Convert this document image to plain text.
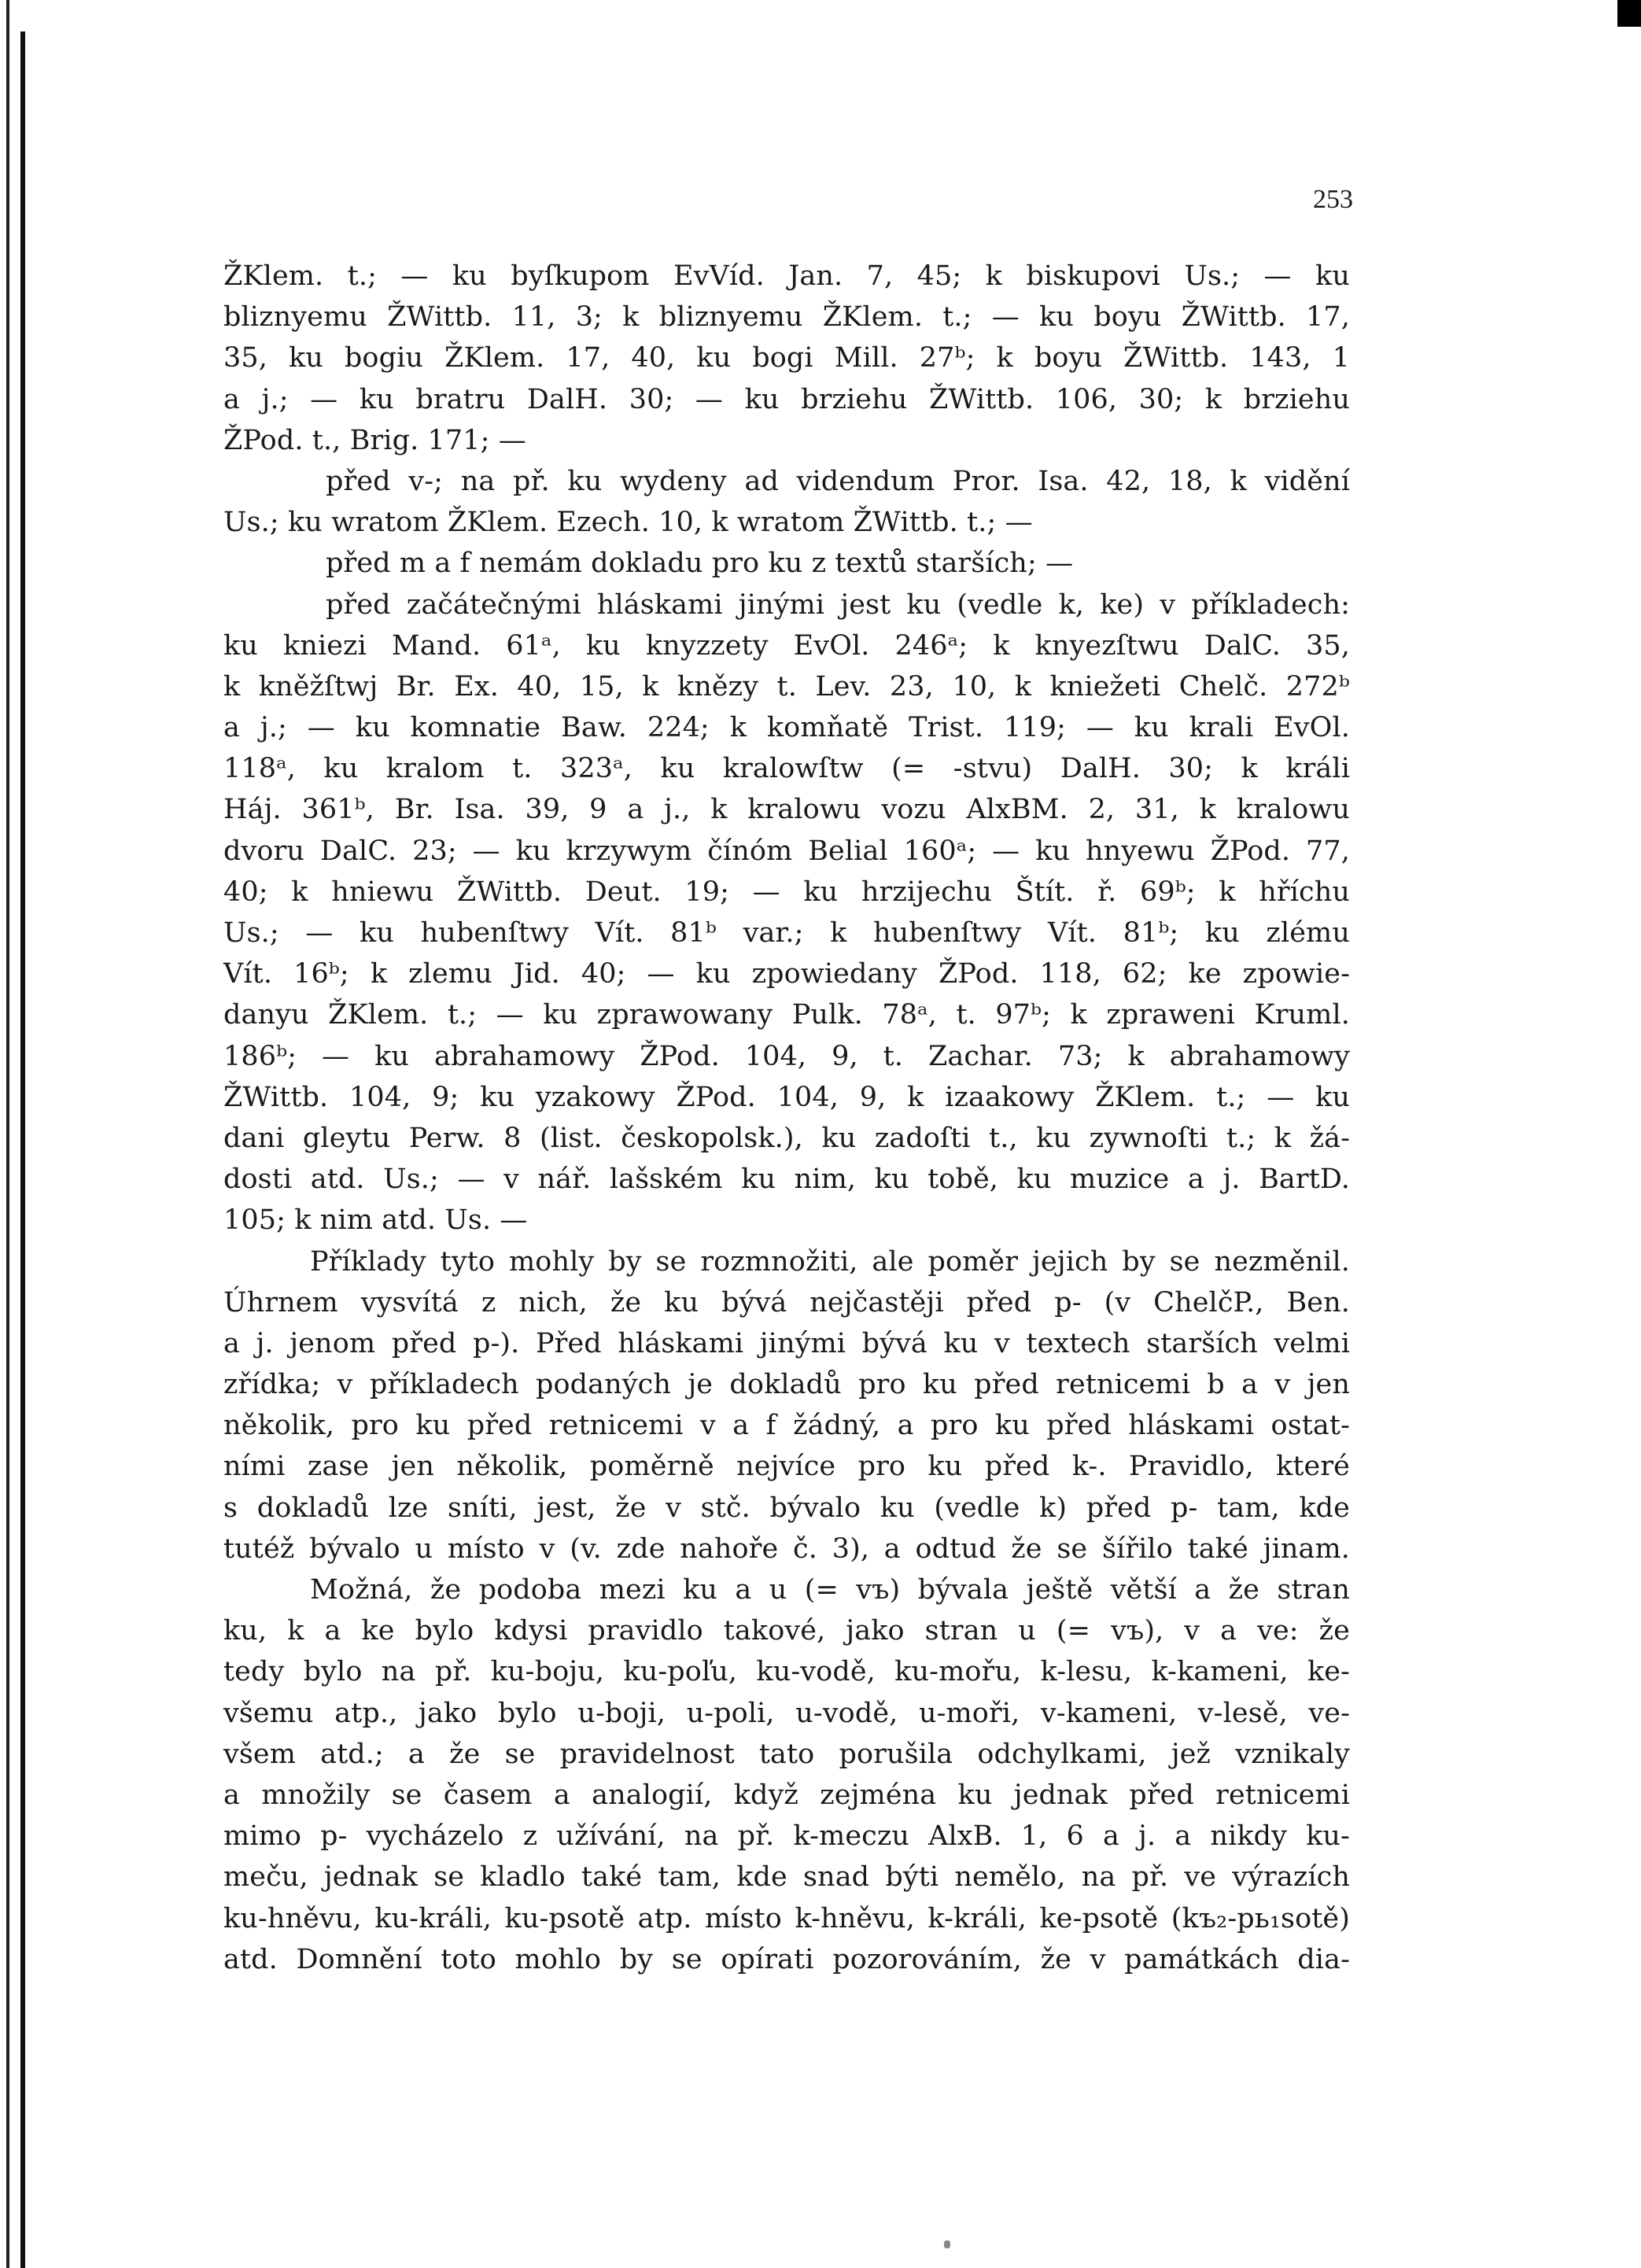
253
ŽKlem. t.; — ku byſkupom EvVíd. Jan. 7, 45; k biskupovi Us.; — ku
bliznyemu ŽWittb. 11, 3; k bliznyemu ŽKlem. t.; — ku boyu ŽWittb. 17,
35, ku bogiu ŽKlem. 17, 40, ku bogi Mill. 27ᵇ; k boyu ŽWittb. 143, 1
a j.; — ku bratru DalH. 30; — ku brziehu ŽWittb. 106, 30; k brziehu
ŽPod. t., Brig. 171; —
před v-; na př. ku wydeny ad videndum Pror. Isa. 42, 18, k vidění
Us.; ku wratom ŽKlem. Ezech. 10, k wratom ŽWittb. t.; —
před m a f nemám dokladu pro ku z textů starších; —
před začátečnými hláskami jinými jest ku (vedle k, ke) v příkladech:
ku kniezi Mand. 61ᵃ, ku knyzzety EvOl. 246ᵃ; k knyezſtwu DalC. 35,
k kněžſtwj Br. Ex. 40, 15, k knězy t. Lev. 23, 10, k kniežeti Chelč. 272ᵇ
a j.; — ku komnatie Baw. 224; k komňatě Trist. 119; — ku krali EvOl.
118ᵃ, ku kralom t. 323ᵃ, ku kralowſtw (= -stvu) DalH. 30; k králi
Háj. 361ᵇ, Br. Isa. 39, 9 a j., k kralowu vozu AlxBM. 2, 31, k kralowu
dvoru DalC. 23; — ku krzywym čínóm Belial 160ᵃ; — ku hnyewu ŽPod. 77,
40; k hniewu ŽWittb. Deut. 19; — ku hrzijechu Štít. ř. 69ᵇ; k hříchu
Us.; — ku hubenſtwy Vít. 81ᵇ var.; k hubenſtwy Vít. 81ᵇ; ku zlému
Vít. 16ᵇ; k zlemu Jid. 40; — ku zpowiedany ŽPod. 118, 62; ke zpowie-
danyu ŽKlem. t.; — ku zprawowany Pulk. 78ᵃ, t. 97ᵇ; k zpraweni Kruml.
186ᵇ; — ku abrahamowy ŽPod. 104, 9, t. Zachar. 73; k abrahamowy
ŽWittb. 104, 9; ku yzakowy ŽPod. 104, 9, k izaakowy ŽKlem. t.; — ku
dani gleytu Perw. 8 (list. českopolsk.), ku zadoſti t., ku zywnoſti t.; k žá-
dosti atd. Us.; — v nář. lašském ku nim, ku tobě, ku muzice a j. BartD.
105; k nim atd. Us. —
Příklady tyto mohly by se rozmnožiti, ale poměr jejich by se nezměnil.
Úhrnem vysvítá z nich, že ku bývá nejčastěji před p- (v ChelčP., Ben.
a j. jenom před p-). Před hláskami jinými bývá ku v textech starších velmi
zřídka; v příkladech podaných je dokladů pro ku před retnicemi b a v jen
několik, pro ku před retnicemi v a f žádný, a pro ku před hláskami ostat-
ními zase jen několik, poměrně nejvíce pro ku před k-. Pravidlo, které
s dokladů lze sníti, jest, že v stč. bývalo ku (vedle k) před p- tam, kde
tutéž bývalo u místo v (v. zde nahoře č. 3), a odtud že se šířilo také jinam.
Možná, že podoba mezi ku a u (= vъ) bývala ještě větší a že stran
ku, k a ke bylo kdysi pravidlo takové, jako stran u (= vъ), v a ve: že
tedy bylo na př. ku-boju, ku-poľu, ku-vodě, ku-mořu, k-lesu, k-kameni, ke-
všemu atp., jako bylo u-boji, u-poli, u-vodě, u-moři, v-kameni, v-lesě, ve-
všem atd.; a že se pravidelnost tato porušila odchylkami, jež vznikaly
a množily se časem a analogií, když zejména ku jednak před retnicemi
mimo p- vycházelo z užívání, na př. k-meczu AlxB. 1, 6 a j. a nikdy ku-
meču, jednak se kladlo také tam, kde snad býti nemělo, na př. ve výrazích
ku-hněvu, ku-králi, ku-psotě atp. místo k-hněvu, k-králi, ke-psotě (kъ₂-pь₁sotě)
atd. Domnění toto mohlo by se opírati pozorováním, že v památkách dia-
